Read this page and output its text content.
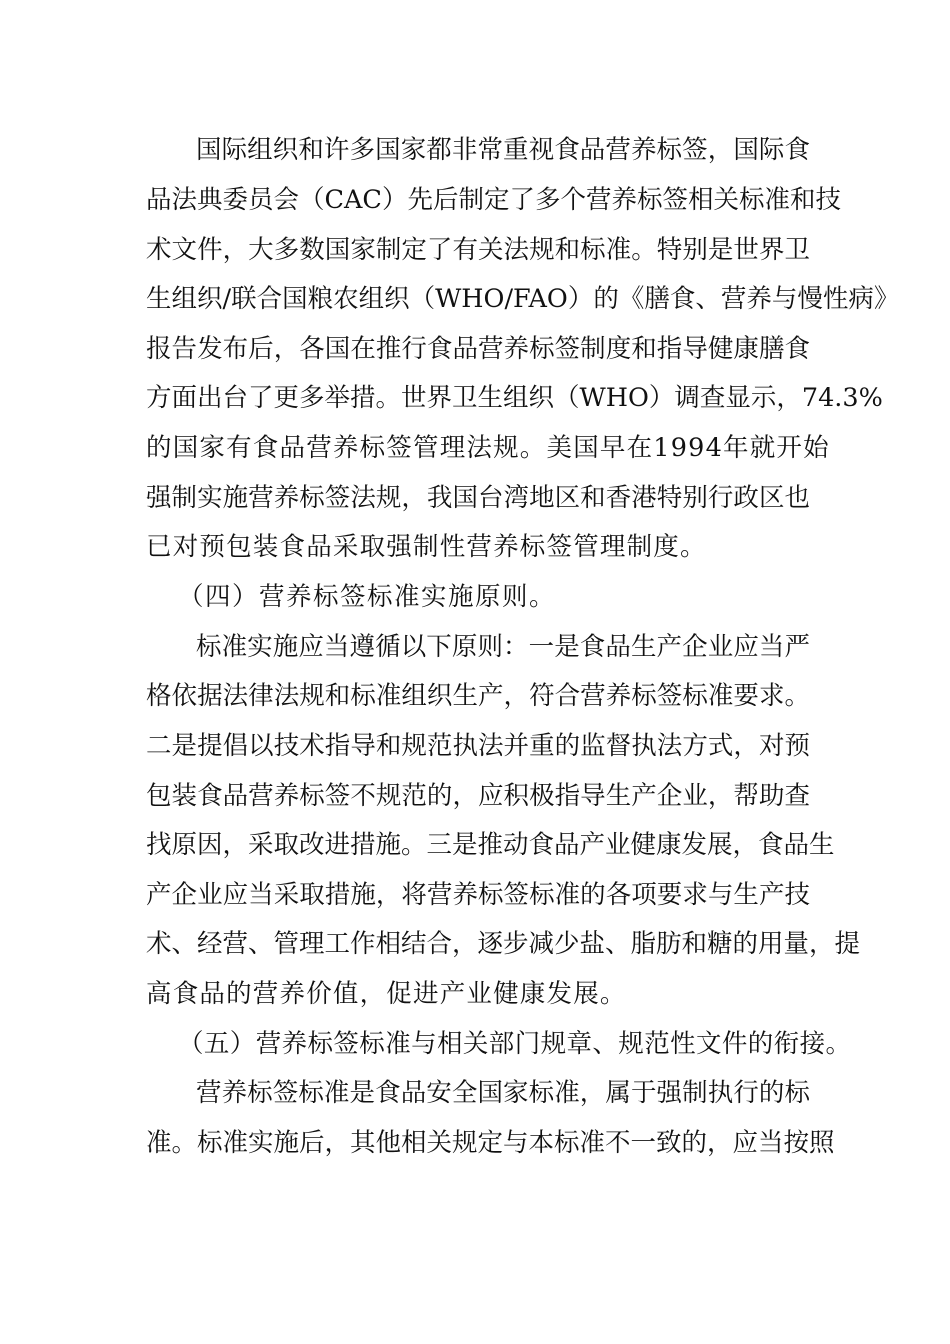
国际组织和许多国家都非常重视食品营养标签，国际食
品法典委员会（CAC）先后制定了多个营养标签相关标准和技
术文件，大多数国家制定了有关法规和标准。特别是世界卫
生组织/联合国粮农组织（WHO/FAO）的《膳食、营养与慢性病》
报告发布后，各国在推行食品营养标签制度和指导健康膳食
方面出台了更多举措。世界卫生组织（WHO）调查显示，74.3%
的国家有食品营养标签管理法规。美国早在1994年就开始
强制实施营养标签法规，我国台湾地区和香港特别行政区也
已对预包装食品采取强制性营养标签管理制度。
（四）营养标签标准实施原则。
标准实施应当遵循以下原则：一是食品生产企业应当严
格依据法律法规和标准组织生产，符合营养标签标准要求。
二是提倡以技术指导和规范执法并重的监督执法方式，对预
包装食品营养标签不规范的，应积极指导生产企业，帮助查
找原因，采取改进措施。三是推动食品产业健康发展，食品生
产企业应当采取措施，将营养标签标准的各项要求与生产技
术、经营、管理工作相结合，逐步减少盐、脂肪和糖的用量，提
高食品的营养价值，促进产业健康发展。
（五）营养标签标准与相关部门规章、规范性文件的衔接。
营养标签标准是食品安全国家标准，属于强制执行的标
准。标准实施后，其他相关规定与本标准不一致的，应当按照
